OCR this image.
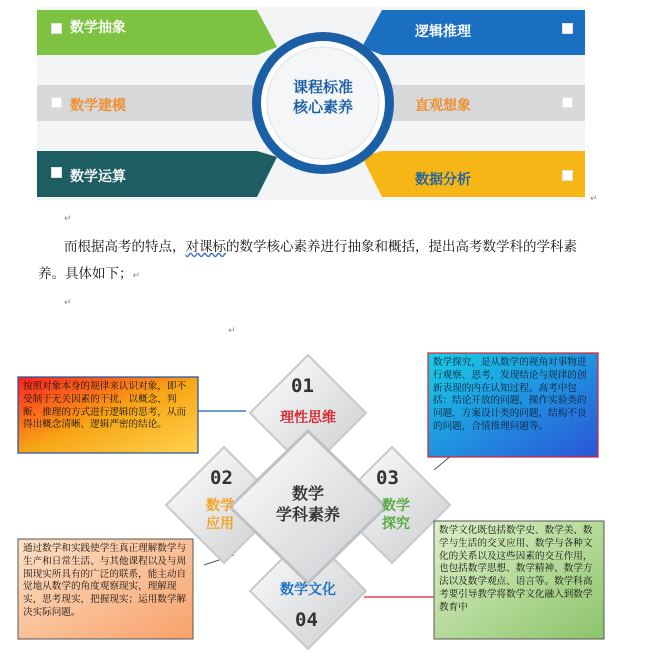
数学抽象
数学建模
数学运算
逻辑推理
直观想象
数据分析
课程标准
核心素养
↵
↵
而根据高考的特点，对课标的数学核心素养进行抽象和概括，提出高考数学科的学科素
养。具体如下；↵
↵
↵
01
02	03
04
理性思维
数学
应用
数学
探究
数学文化
数学
学科素养
按照对象本身的规律来认识对象，即不受制于无关因素的干扰，以概念、判断、推理的方式进行逻辑的思考，从而得出概念清晰、逻辑严密的结论。
数学探究，是从数学的视角对事物进行观察、思考，发现结论与规律的创新表现的内在认知过程。高考中包括：结论开放的问题，操作实验类的问题，方案设计类的问题，结构不良的问题，合情推理问题等。
通过数学和实践使学生真正理解数学与生产和日常生活、与其他课程以及与周围现实所具有的广泛的联系，能主动自觉地从数学的角度观察现实，理解现实，思考现实，把握现实；运用数学解决实际问题。
数学文化既包括数学史、数学美、数学与生活的交叉应用、数学与各种文化的关系以及这些因素的交互作用，也包括数学思想、数学精神、数学方法以及数学观点、语言等。数学科高考要引导教学将数学文化融入到数学教育中
